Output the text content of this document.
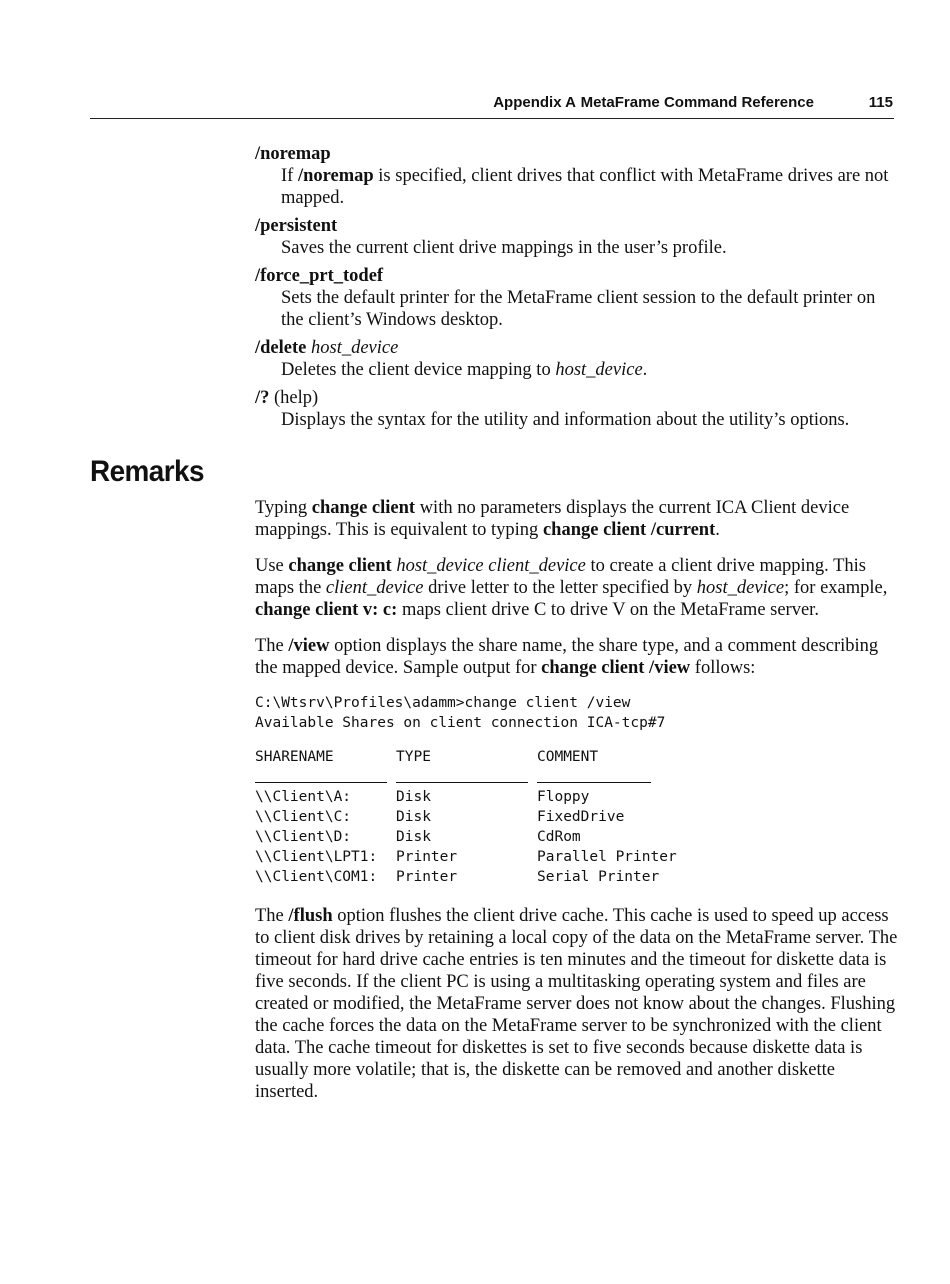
Appendix A MetaFrame Command Reference	115
/noremap
If /noremap is specified, client drives that conflict with MetaFrame drives are not mapped.
/persistent
Saves the current client drive mappings in the user’s profile.
/force_prt_todef
Sets the default printer for the MetaFrame client session to the default printer on the client’s Windows desktop.
/delete host_device
Deletes the client device mapping to host_device.
/? (help)
Displays the syntax for the utility and information about the utility’s options.
Remarks

Typing change client with no parameters displays the current ICA Client device mappings. This is equivalent to typing change client /current.

Use change client host_device client_device to create a client drive mapping. This maps the client_device drive letter to the letter specified by host_device; for example, change client v: c: maps client drive C to drive V on the MetaFrame server.

The /view option displays the share name, the share type, and a comment describing the mapped device. Sample output for change client /view follows:

C:\Wtsrv\Profiles\adamm>change client /view
Available Shares on client connection ICA-tcp#7
SHARENAME	TYPE	COMMENT
\\Client\A:	Disk	Floppy
\\Client\C:	Disk	FixedDrive
\\Client\D:	Disk	CdRom
\\Client\LPT1:	Printer	Parallel Printer
\\Client\COM1:	Printer	Serial Printer

The /flush option flushes the client drive cache. This cache is used to speed up access to client disk drives by retaining a local copy of the data on the MetaFrame server. The timeout for hard drive cache entries is ten minutes and the timeout for diskette data is five seconds. If the client PC is using a multitasking operating system and files are created or modified, the MetaFrame server does not know about the changes. Flushing the cache forces the data on the MetaFrame server to be synchronized with the client data. The cache timeout for diskettes is set to five seconds because diskette data is usually more volatile; that is, the diskette can be removed and another diskette inserted.
